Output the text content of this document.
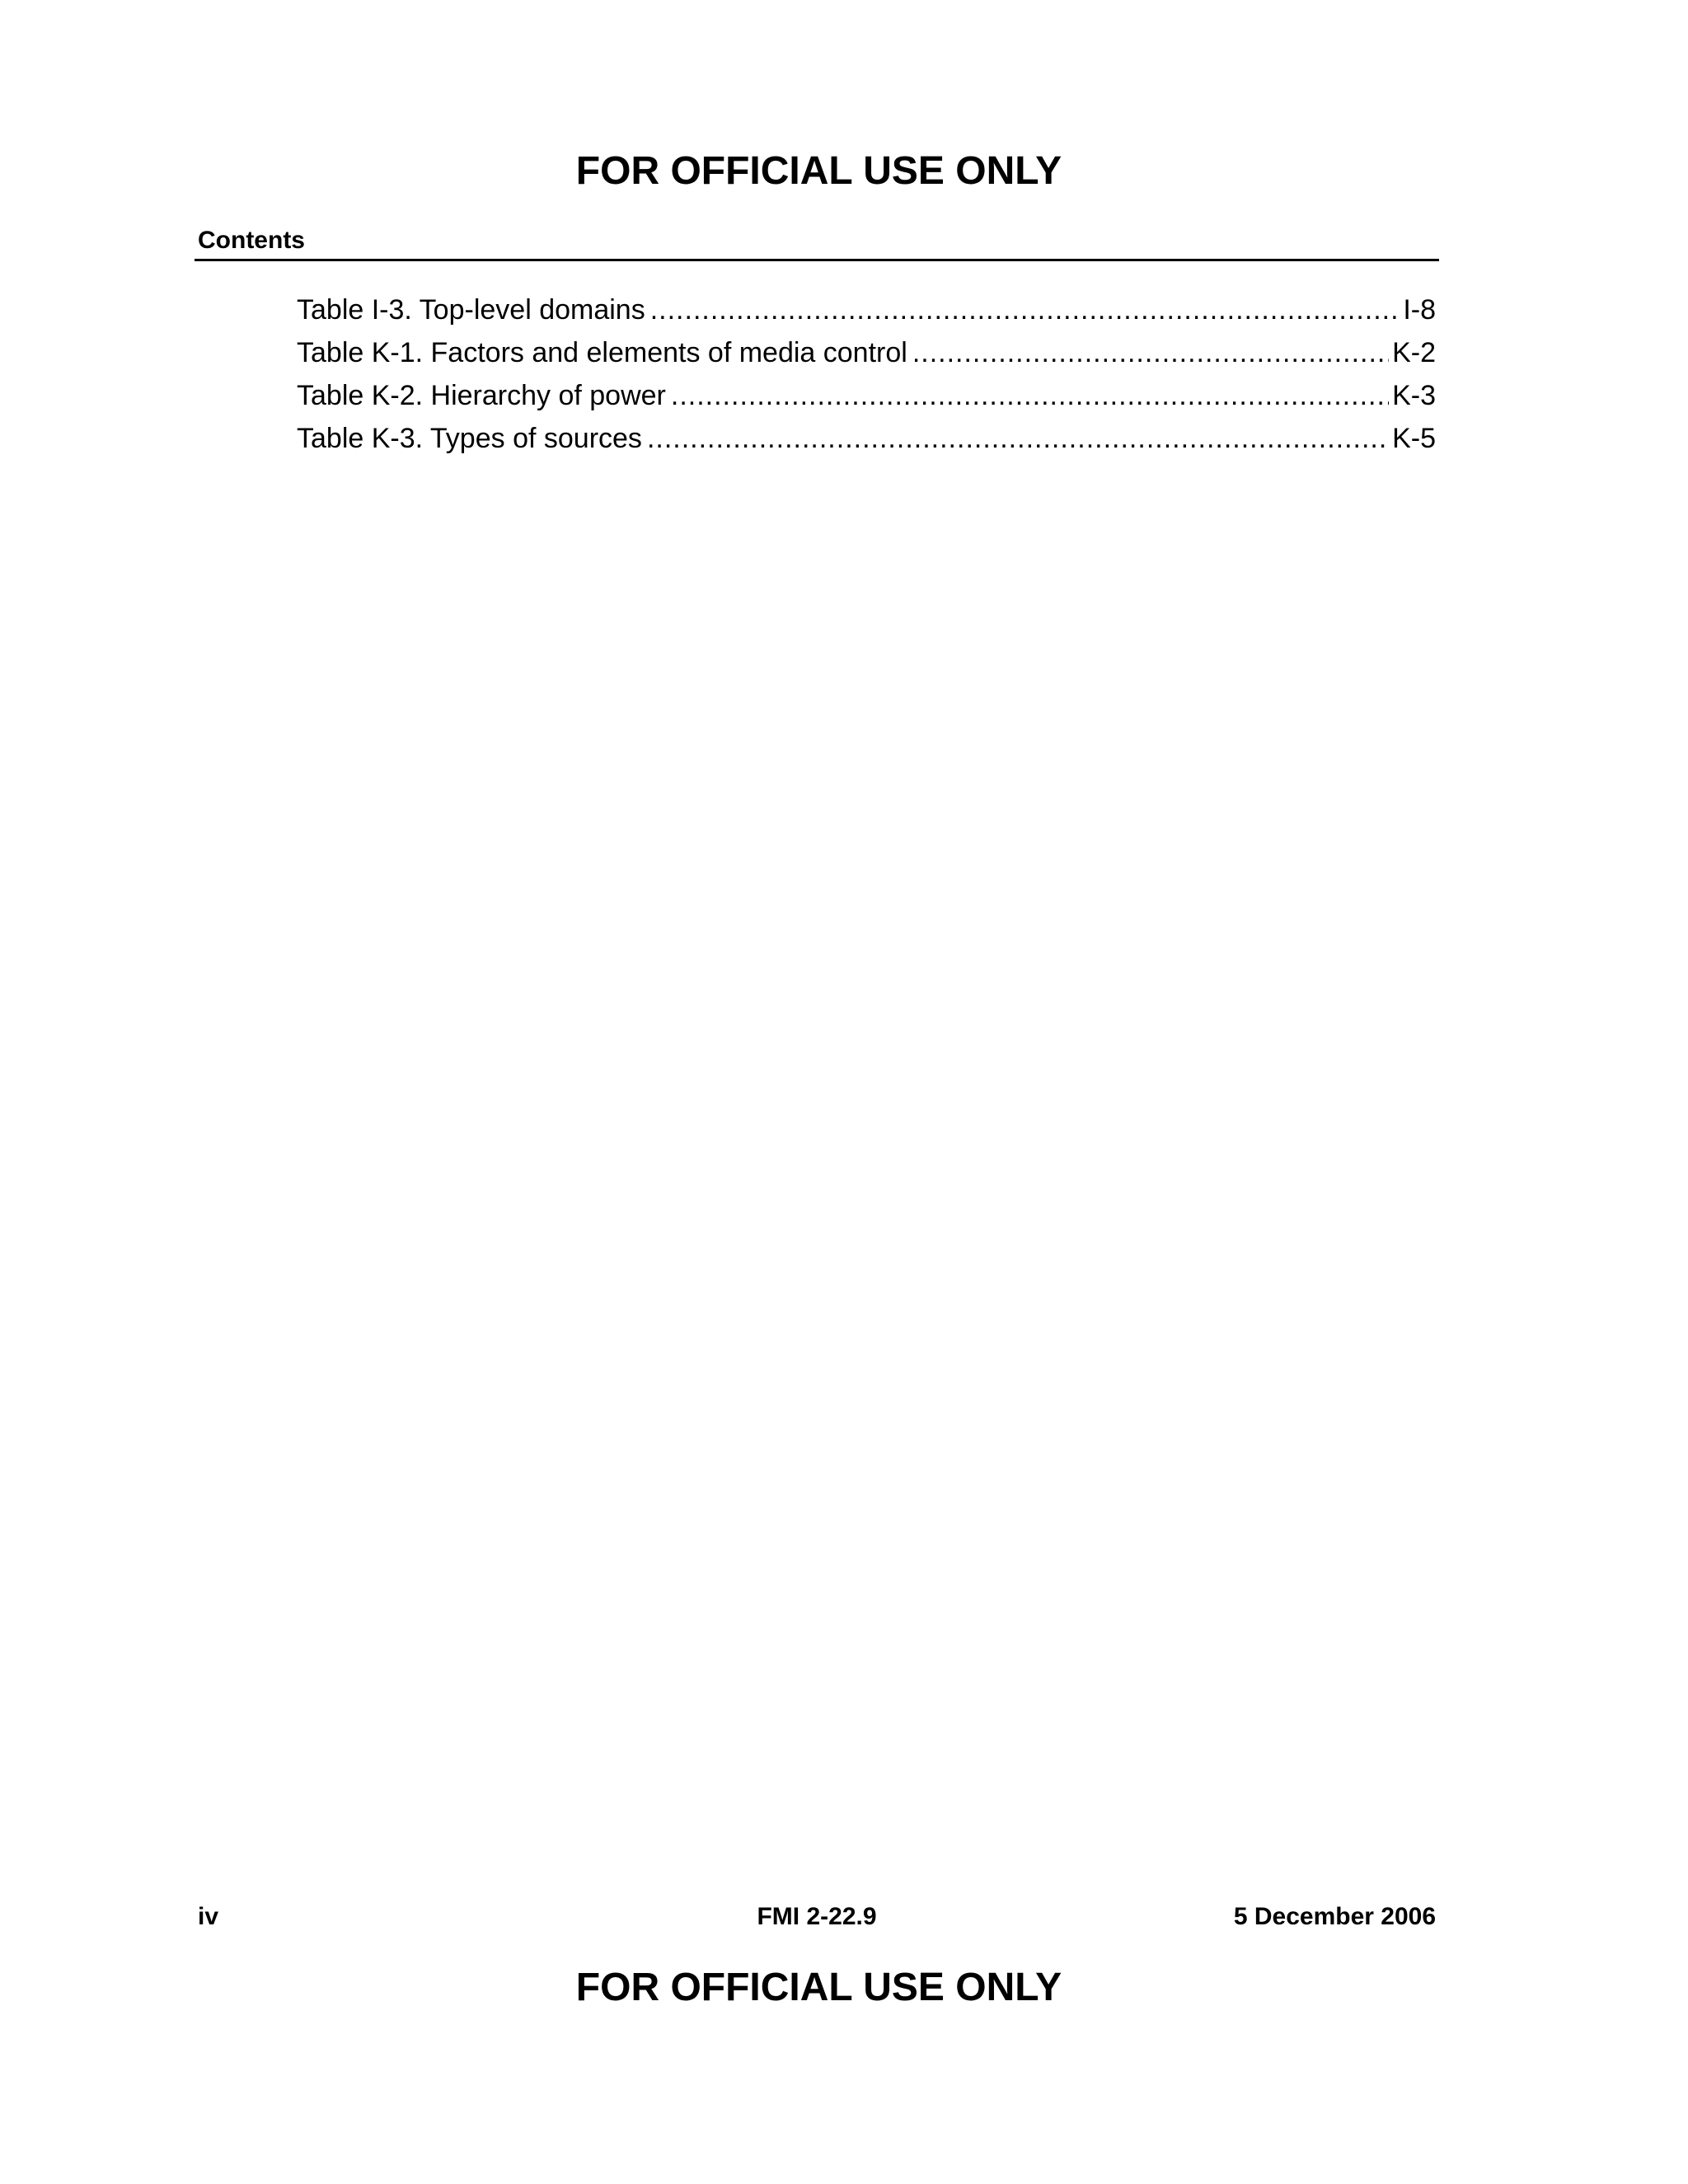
FOR OFFICIAL USE ONLY
Contents
Table I-3. Top-level domains .....	I-8
Table K-1. Factors and elements of media control .....	K-2
Table K-2. Hierarchy of power .....	K-3
Table K-3. Types of sources .....	K-5
iv	FMI 2-22.9	5 December 2006
FOR OFFICIAL USE ONLY
